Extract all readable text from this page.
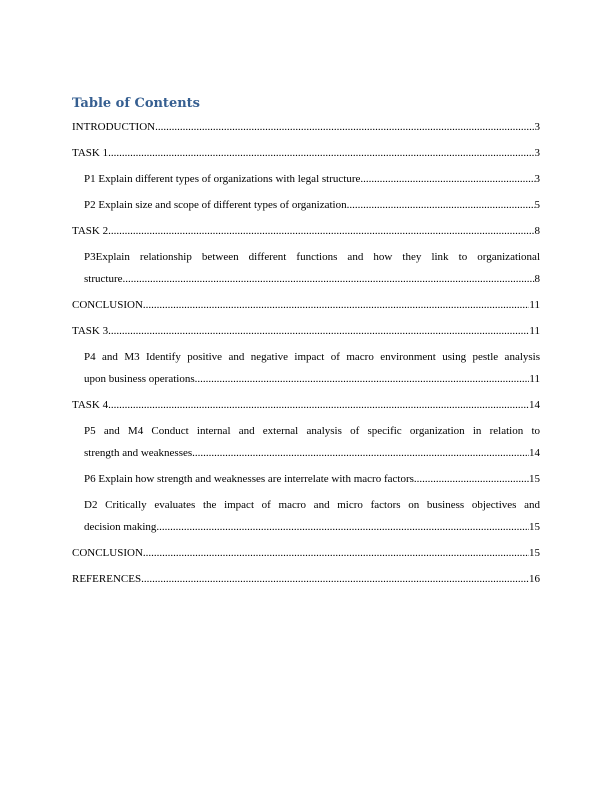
Table of Contents
INTRODUCTION .....	3
TASK 1 .....	3
P1 Explain different types of organizations with legal structure .....	3
P2 Explain size and scope of different types of organization .....	5
TASK 2 .....	8
P3Explain relationship between different functions and how they link to organizational
structure .....	8
CONCLUSION .....	11
TASK 3 .....	11
P4 and M3 Identify positive and negative impact of macro environment using pestle analysis
upon business operations .....	11
TASK 4 .....	14
P5 and M4 Conduct internal and external analysis of specific organization in relation to
strength and weaknesses .....	14
P6 Explain how strength and weaknesses are interrelate with macro factors .....	15
D2 Critically evaluates the impact of macro and micro factors on business objectives and
decision making .....	15
CONCLUSION .....	15
REFERENCES .....	16
